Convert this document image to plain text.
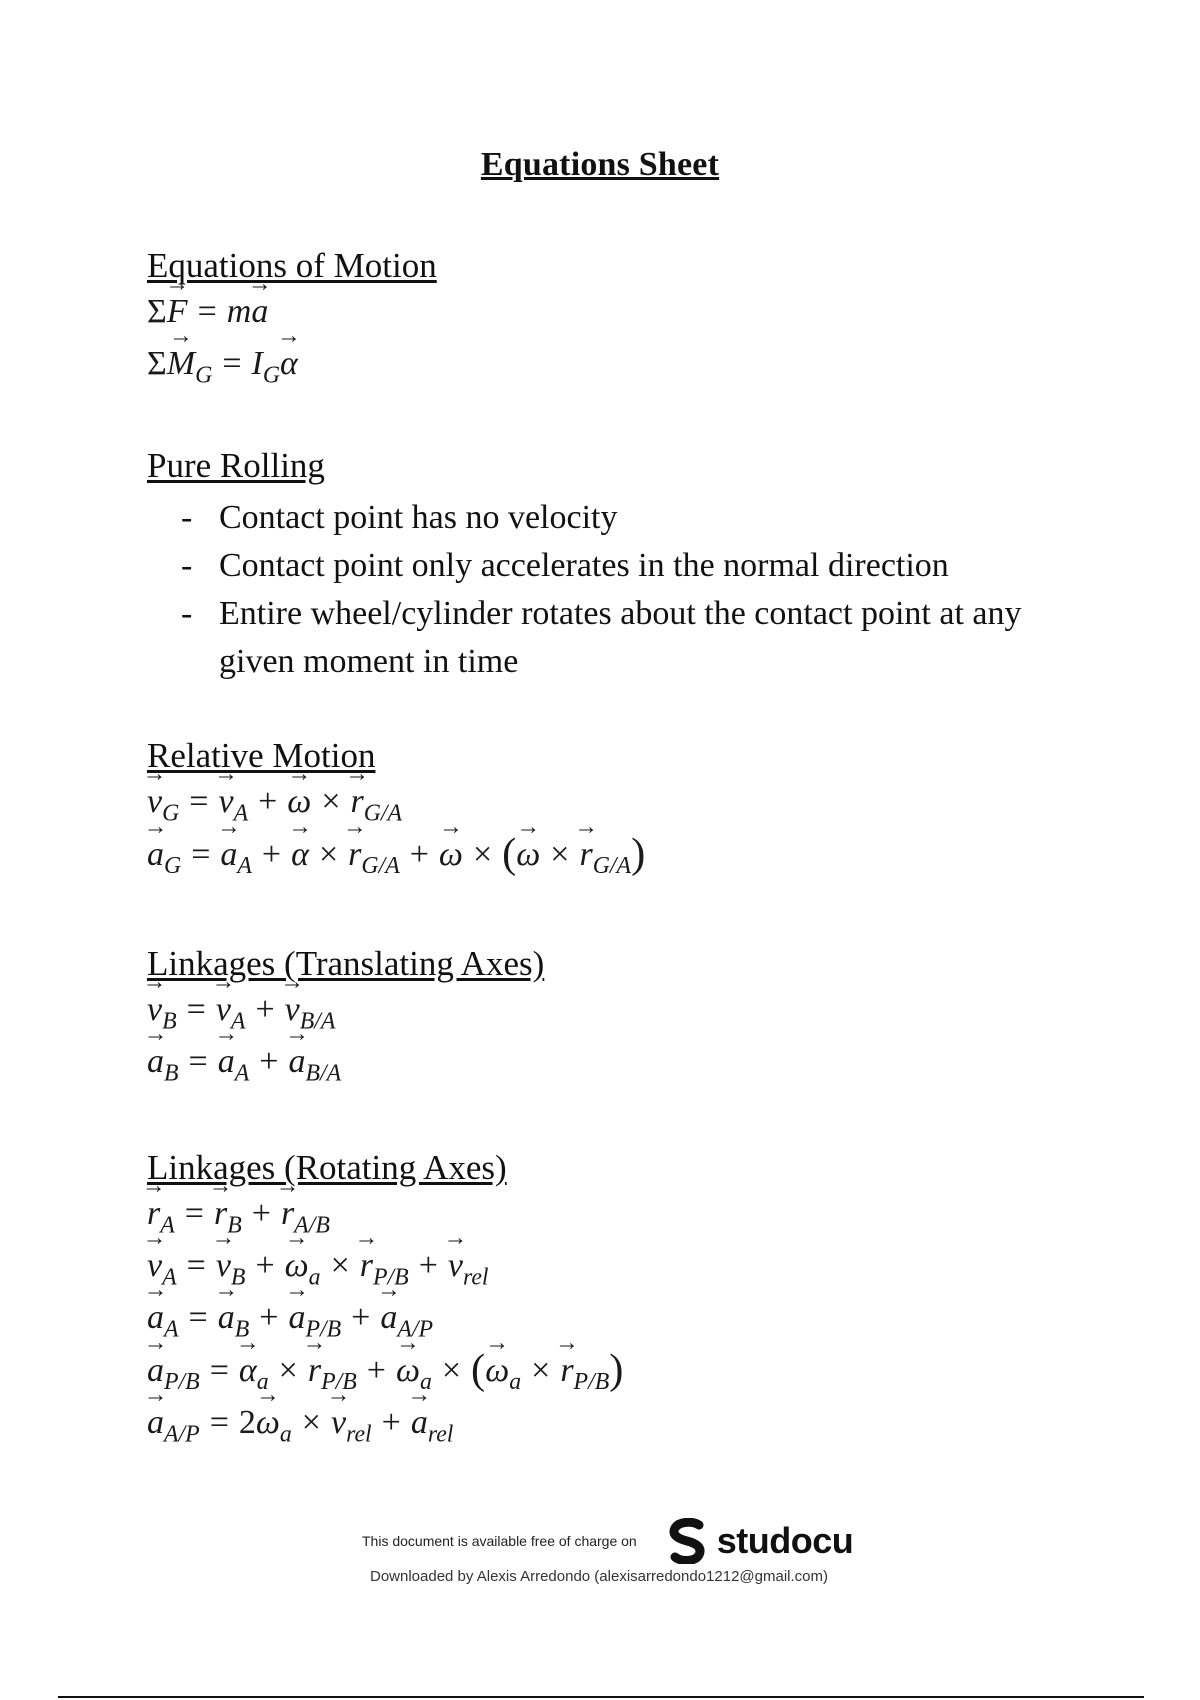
Equations Sheet
Equations of Motion
Σ→ F = m→ a
$\Sigma\to M_G = I_G\to \alpha$
Pure Rolling
- Contact point has no velocity
- Contact point only accelerates in the normal direction
- Entire wheel/cylinder rotates about the contact point at any given moment in time
Relative Motion
→ $v_G =\to v_A +\to \omega \times\to r_{G/A}$
→ $a_G =\to a_A +\to \alpha \times\to r_{G/A} +\to \omega$ × (→ $\omega \times\to r_{G/A}$)
Linkages (Translating Axes)
→ $v_B =\to v_A +\to v_{B/A}$
→ $a_B =\to a_A +\to a_{B/A}$
Linkages (Rotating Axes)
→ $r_A =\to r_B +\to r_{A/B}$
→ $v_A =\to v_B +\to \omega_a \times\to r_{P/B} +\to v_{rel}$
→ $a_A =\to a_B +\to a_{P/B} +\to a_{A/P}$
→ $a_{P/B} =\to \alpha_a \times\to r_{P/B} +\to \omega_a$ × (→ $\omega_a \times\to r_{P/B}$)
→ $a_{A/P} = 2\to \omega_a \times\to v_{rel} +\to a_{rel}$
This document is available free of charge on studocu
Downloaded by Alexis Arredondo (alexisarredondo1212@gmail.com)
